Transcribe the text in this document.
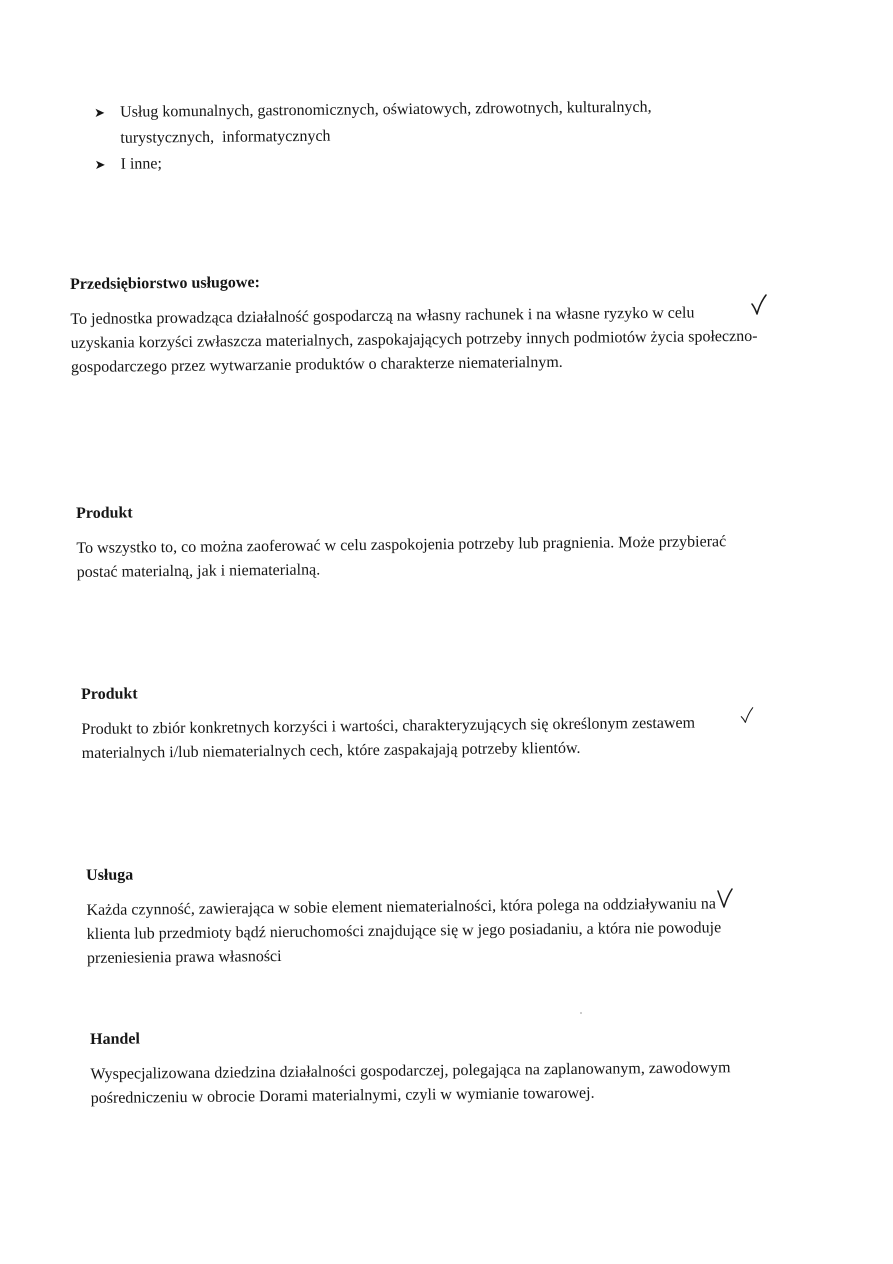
➤ Usług komunalnych, gastronomicznych, oświatowych, zdrowotnych, kulturalnych,
turystycznych,  informatycznych
➤ I inne;

Przedsiębiorstwo usługowe:

To jednostka prowadząca działalność gospodarczą na własny rachunek i na własne ryzyko w celu uzyskania korzyści zwłaszcza materialnych, zaspokajających potrzeby innych podmiotów życia społeczno- gospodarczego przez wytwarzanie produktów o charakterze niematerialnym.

Produkt

To wszystko to, co można zaoferować w celu zaspokojenia potrzeby lub pragnienia. Może przybierać postać materialną, jak i niematerialną.

Produkt

Produkt to zbiór konkretnych korzyści i wartości, charakteryzujących się określonym zestawem materialnych i/lub niematerialnych cech, które zaspakajają potrzeby klientów.

Usługa

Każda czynność, zawierająca w sobie element niematerialności, która polega na oddziaływaniu na klienta lub przedmioty bądź nieruchomości znajdujące się w jego posiadaniu, a która nie powoduje przeniesienia prawa własności

Handel

Wyspecjalizowana dziedzina działalności gospodarczej, polegająca na zaplanowanym, zawodowym pośredniczeniu w obrocie Dorami materialnymi, czyli w wymianie towarowej.
